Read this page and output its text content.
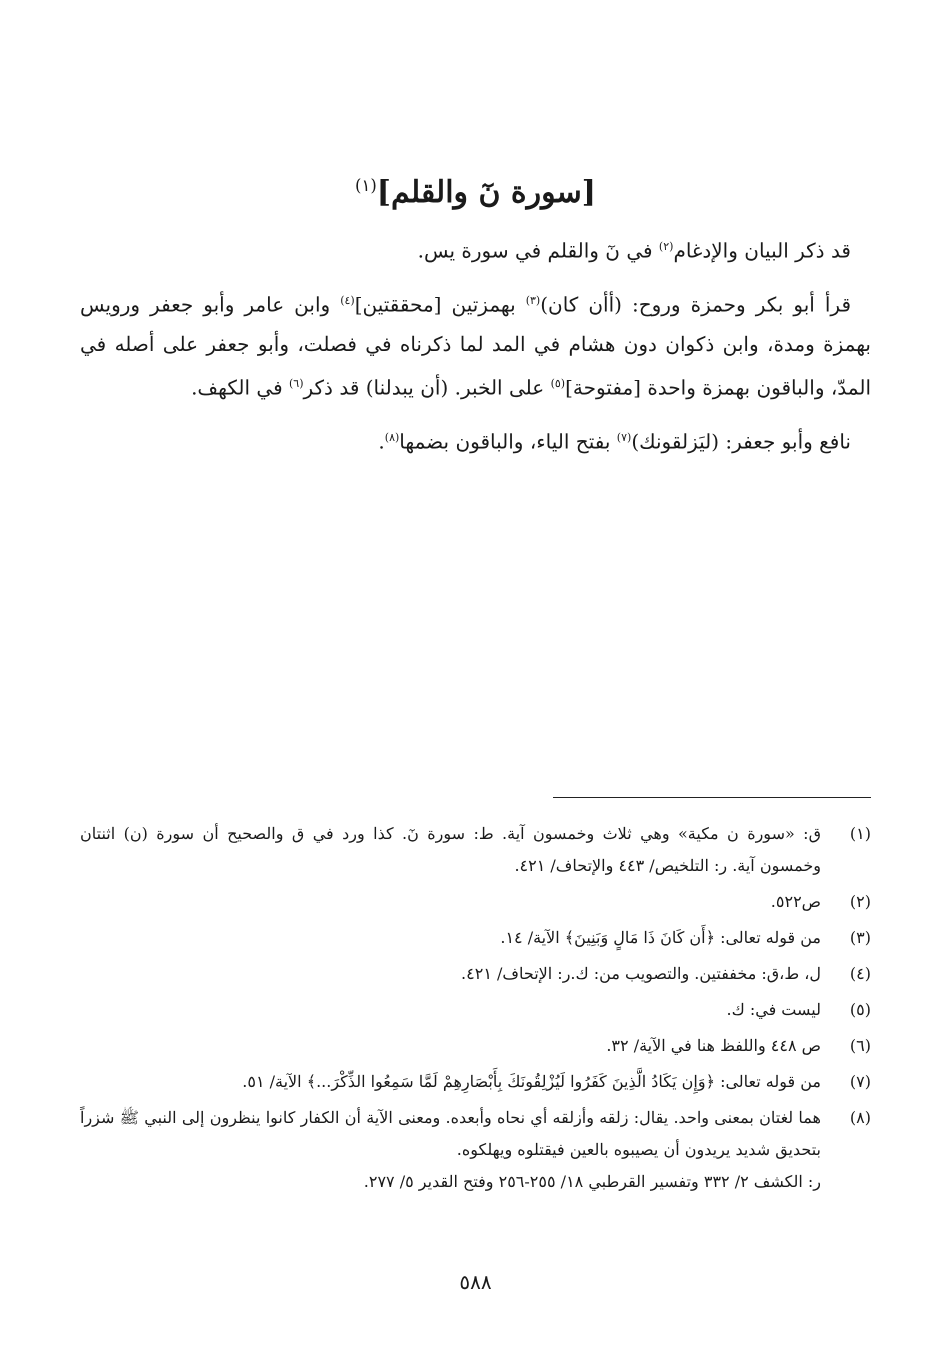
[سورة نٓ والقلم]$^{(١)}$

قد ذكر البيان والإدغام$^{(٢)}$ في نٓ والقلم في سورة يس.

قرأ أبو بكر وحمزة وروح: (أأن كان)$^{(٣)}$ بهمزتين [محققتين]$^{(٤)}$ وابن عامر وأبو جعفر ورويس بهمزة ومدة، وابن ذكوان دون هشام في المد لما ذكرناه في فصلت، وأبو جعفر على أصله في المدّ، والباقون بهمزة واحدة [مفتوحة]$^{(٥)}$ على الخبر. (أن يبدلنا) قد ذكر$^{(٦)}$ في الكهف.

نافع وأبو جعفر: (ليَزلقونك)$^{(٧)}$ بفتح الياء، والباقون بضمها$^{(٨)}$.

(١)
ق: «سورة ن مكية» وهي ثلاث وخمسون آية. ط: سورة نٓ. كذا ورد في ق والصحيح أن سورة (ن) اثنتان وخمسون آية. ر: التلخيص/ ٤٤٣ والإتحاف/ ٤٢١.
(٢)
ص٥٢٢.
(٣)
من قوله تعالى: ﴿أَن كَانَ ذَا مَالٍ وَبَنِينَ﴾ الآية/ ١٤.
(٤)
ل، ط،ق: مخففتين. والتصويب من: ك.ر: الإتحاف/ ٤٢١.
(٥)
ليست في: ك.
(٦)
ص ٤٤٨ واللفظ هنا في الآية/ ٣٢.
(٧)
من قوله تعالى: ﴿وَإِن يَكَادُ الَّذِينَ كَفَرُوا لَيُزْلِقُونَكَ بِأَبْصَارِهِمْ لَمَّا سَمِعُوا الذِّكْرَ...﴾ الآية/ ٥١.
(٨)
هما لغتان بمعنى واحد. يقال: زلقه وأزلقه أي نحاه وأبعده. ومعنى الآية أن الكفار كانوا ينظرون إلى النبي ﷺ شزراً بتحديق شديد يريدون أن يصيبوه بالعين فيقتلوه ويهلكوه.
ر: الكشف ٢/ ٣٣٢ وتفسير القرطبي ١٨/ ٢٥٥-٢٥٦ وفتح القدير ٥/ ٢٧٧.
٥٨٨
